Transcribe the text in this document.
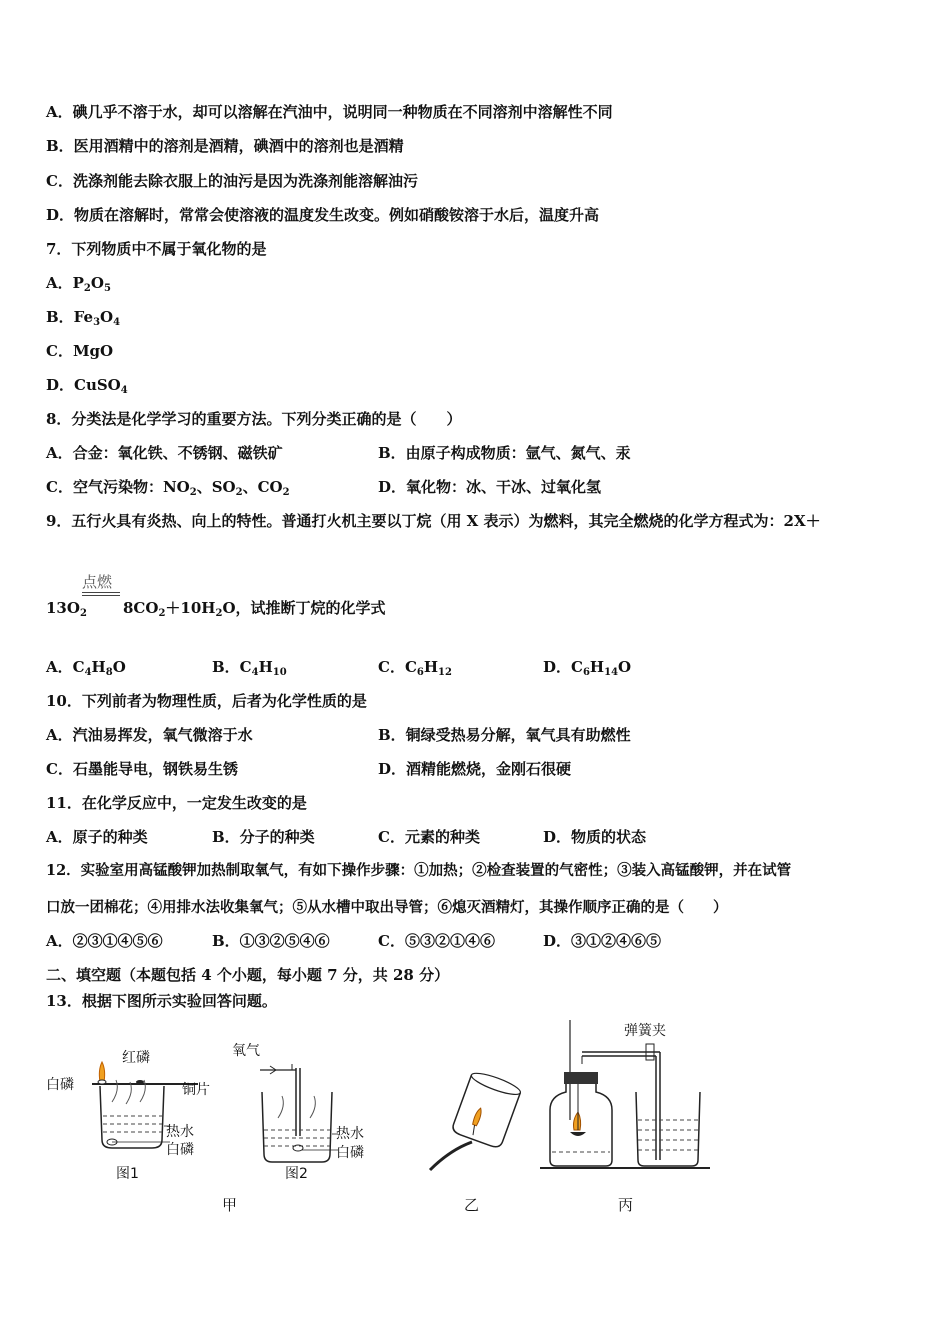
A．碘几乎不溶于水，却可以溶解在汽油中，说明同一种物质在不同溶剂中溶解性不同
B．医用酒精中的溶剂是酒精，碘酒中的溶剂也是酒精
C．洗涤剂能去除衣服上的油污是因为洗涤剂能溶解油污
D．物质在溶解时，常常会使溶液的温度发生改变。例如硝酸铵溶于水后，温度升高
7．下列物质中不属于氧化物的是
A．$P_2O_5$
B．$Fe_3O_4$
C．MgO
D．CuSO$_4$
8．分类法是化学学习的重要方法。下列分类正确的是（　　）
A．合金：氧化铁、不锈钢、磁铁矿	B．由原子构成物质：氩气、氮气、汞
C．空气污染物：$NO_2$、$SO_2$、$CO_2$	D．氧化物：冰、干冰、过氧化氢
9．五行火具有炎热、向上的特性。普通打火机主要以丁烷（用 X 表示）为燃料，其完全燃烧的化学方程式为：2X＋
点燃
$13O_2$ $8CO_2+10H_2O$，试推断丁烷的化学式
A．$C_4H_8O$	B．$C_4H_{10}$	C．$C_6H_{12}$	D．$C_6H_{14}O$
10．下列前者为物理性质，后者为化学性质的是
A．汽油易挥发，氧气微溶于水	B．铜绿受热易分解，氧气具有助燃性
C．石墨能导电，钢铁易生锈	D．酒精能燃烧，金刚石很硬
11．在化学反应中，一定发生改变的是
A．原子的种类	B．分子的种类	C．元素的种类	D．物质的状态
12．实验室用高锰酸钾加热制取氧气，有如下操作步骤：①加热；②检查装置的气密性；③装入高锰酸钾，并在试管
口放一团棉花；④用排水法收集氧气；⑤从水槽中取出导管；⑥熄灭酒精灯，其操作顺序正确的是（　　）
A．②③①④⑤⑥	B．①③②⑤④⑥	C．⑤③②①④⑥	D．③①②④⑥⑤
二、填空题（本题包括 4 个小题，每小题 7 分，共 28 分）
13．根据下图所示实验回答问题。
红磷
白磷	铜片
热水
白磷
图1
氧气
热水
白磷
图2
弹簧夹
甲	乙	丙
